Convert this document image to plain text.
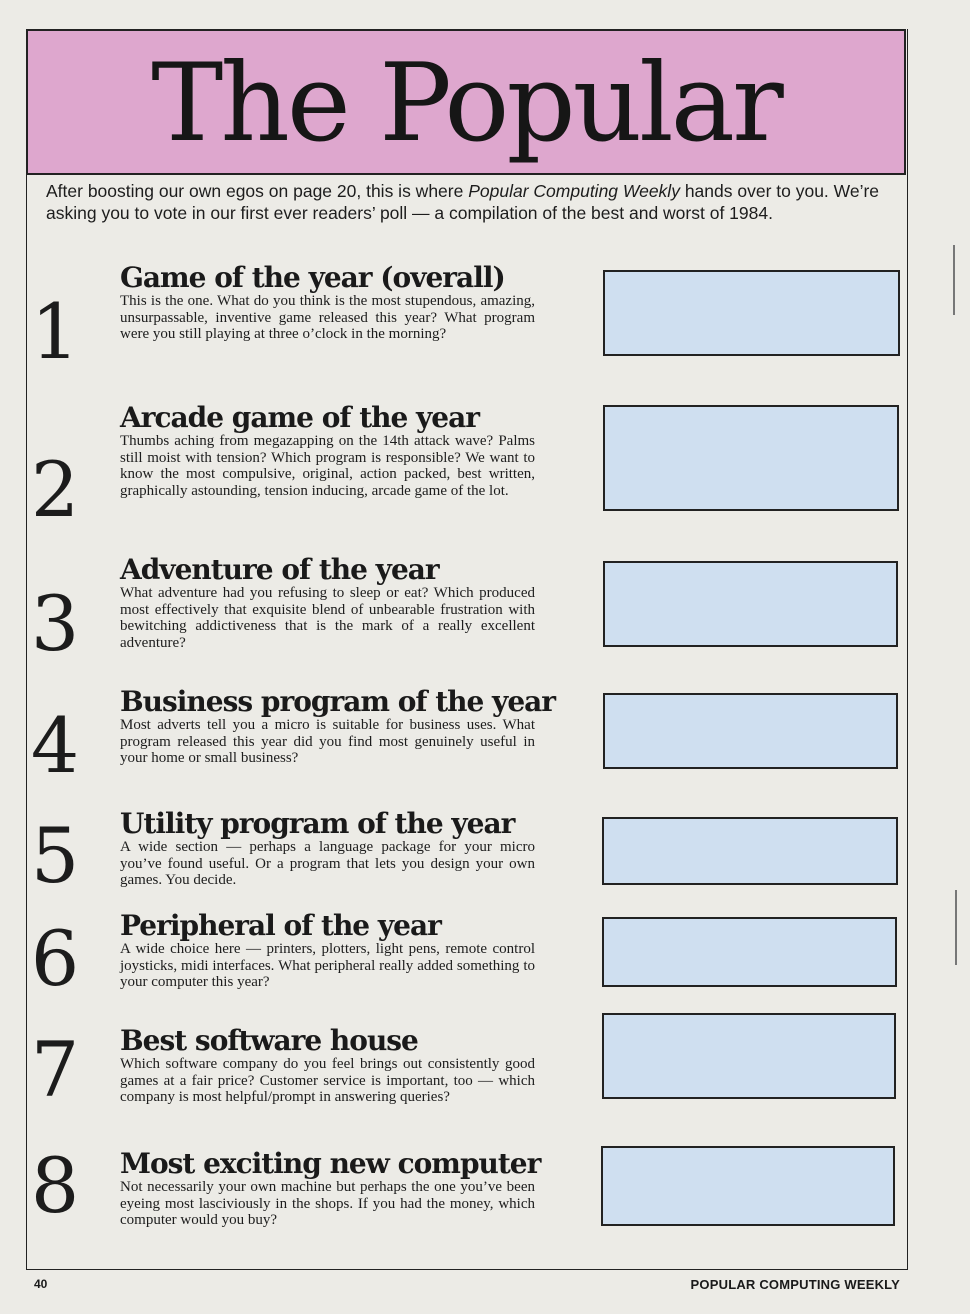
The Popular
After boosting our own egos on page 20, this is where Popular Computing Weekly hands over to you. We’re asking you to vote in our first ever readers’ poll — a compilation of the best and worst of 1984.
1
Game of the year (overall)

This is the one. What do you think is the most stupendous, amazing, unsurpassable, inventive game released this year? What program were you still playing at three o’clock in the morning?

2
Arcade game of the year

Thumbs aching from megazapping on the 14th attack wave? Palms still moist with tension? Which program is responsible? We want to know the most compulsive, original, action packed, best written, graphically astounding, tension inducing, arcade game of the lot.

3
Adventure of the year

What adventure had you refusing to sleep or eat? Which produced most effectively that exquisite blend of unbearable frustration with bewitching addictiveness that is the mark of a really excellent adventure?

4 Business program of the year

Most adverts tell you a micro is suitable for business uses. What program released this year did you find most genuinely useful in your home or small business?

5 Utility program of the year

A wide section — perhaps a language package for your micro you’ve found useful. Or a program that lets you design your own games. You decide.

6 Peripheral of the year

A wide choice here — printers, plotters, light pens, remote control joysticks, midi interfaces. What peripheral really added something to your computer this year?

7 Best software house

Which software company do you feel brings out consistently good games at a fair price? Customer service is important, too — which company is most helpful/prompt in answering queries?

8 Most exciting new computer

Not necessarily your own machine but perhaps the one you’ve been eyeing most lasciviously in the shops. If you had the money, which computer would you buy?

40	POPULAR COMPUTING WEEKLY
